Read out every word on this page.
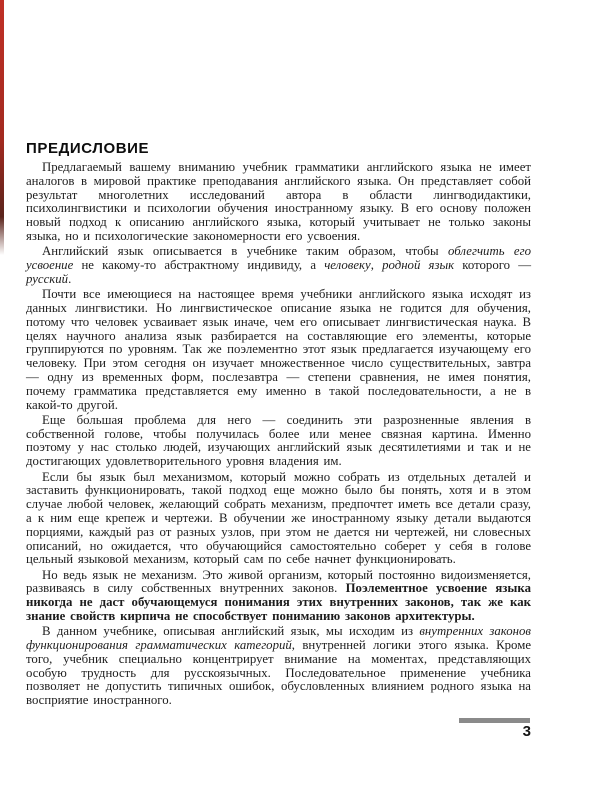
ПРЕДИСЛОВИЕ

Предлагаемый вашему вниманию учебник грамматики английского языка не имеет аналогов в мировой практике преподавания английского языка. Он представляет собой результат многолетних исследований автора в области лингводидактики, психолингвистики и психологии обучения иностранному языку. В его основу положен новый подход к описанию английского языка, который учитывает не только законы языка, но и психологические закономерности его усвоения.

Английский язык описывается в учебнике таким образом, чтобы облегчить его усвоение не какому-то абстрактному индивиду, а человеку, родной язык которого — русский.

Почти все имеющиеся на настоящее время учебники английского языка исходят из данных лингвистики. Но лингвистическое описание языка не годится для обучения, потому что человек усваивает язык иначе, чем его описывает лингвистическая наука. В целях научного анализа язык разбирается на составляющие его элементы, которые группируются по уровням. Так же поэлементно этот язык предлагается изучающему его человеку. При этом сегодня он изучает множественное число существительных, завтра — одну из временных форм, послезавтра — степени сравнения, не имея понятия, почему грамматика представляется ему именно в такой последовательности, а не в какой-то другой.

Еще бо́льшая проблема для него — соединить эти разрозненные явления в собственной голове, чтобы получилась более или менее связная картина. Именно поэтому у нас столько людей, изучающих английский язык десятилетиями и так и не достигающих удовлетворительного уровня владения им.

Если бы язык был механизмом, который можно собрать из отдельных деталей и заставить функционировать, такой подход еще можно было бы понять, хотя и в этом случае любой человек, желающий собрать механизм, предпочтет иметь все детали сразу, а к ним еще крепеж и чертежи. В обучении же иностранному языку детали выдаются порциями, каждый раз от разных узлов, при этом не дается ни чертежей, ни словесных описаний, но ожидается, что обучающийся самостоятельно соберет у себя в голове цельный языковой механизм, который сам по себе начнет функционировать.

Но ведь язык не механизм. Это живой организм, который постоянно видоизменяется, развиваясь в силу собственных внутренних законов. Поэлементное усвоение языка никогда не даст обучающемуся понимания этих внутренних законов, так же как знание свойств кирпича не способствует пониманию законов архитектуры.

В данном учебнике, описывая английский язык, мы исходим из внутренних законов функционирования грамматических категорий, внутренней логики этого языка. Кроме того, учебник специально концентрирует внимание на моментах, представляющих особую трудность для русскоязычных. Последовательное применение учебника позволяет не допустить типичных ошибок, обусловленных влиянием родного языка на восприятие иностранного.

3
